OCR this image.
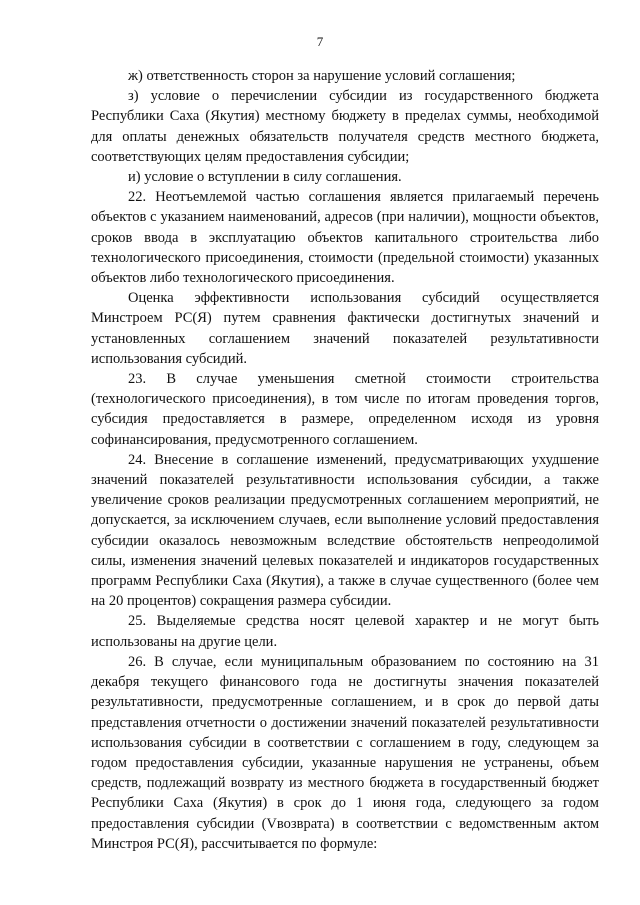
7

ж) ответственность сторон за нарушение условий соглашения;

з) условие о перечислении субсидии из государственного бюджета Республики Саха (Якутия) местному бюджету в пределах суммы, необходимой для оплаты денежных обязательств получателя средств местного бюджета, соответствующих целям предоставления субсидии;

и) условие о вступлении в силу соглашения.

22. Неотъемлемой частью соглашения является прилагаемый перечень объектов с указанием наименований, адресов (при наличии), мощности объектов, сроков ввода в эксплуатацию объектов капитального строительства либо технологического присоединения, стоимости (предельной стоимости) указанных объектов либо технологического присоединения.

Оценка эффективности использования субсидий осуществляется Минстроем РС(Я) путем сравнения фактически достигнутых значений и установленных соглашением значений показателей результативности использования субсидий.

23. В случае уменьшения сметной стоимости строительства (технологического присоединения), в том числе по итогам проведения торгов, субсидия предоставляется в размере, определенном исходя из уровня софинансирования, предусмотренного соглашением.

24. Внесение в соглашение изменений, предусматривающих ухудшение значений показателей результативности использования субсидии, а также увеличение сроков реализации предусмотренных соглашением мероприятий, не допускается, за исключением случаев, если выполнение условий предоставления субсидии оказалось невозможным вследствие обстоятельств непреодолимой силы, изменения значений целевых показателей и индикаторов государственных программ Республики Саха (Якутия), а также в случае существенного (более чем на 20 процентов) сокращения размера субсидии.

25. Выделяемые средства носят целевой характер и не могут быть использованы на другие цели.

26. В случае, если муниципальным образованием по состоянию на 31 декабря текущего финансового года не достигнуты значения показателей результативности, предусмотренные соглашением, и в срок до первой даты представления отчетности о достижении значений показателей результативности использования субсидии в соответствии с соглашением в году, следующем за годом предоставления субсидии, указанные нарушения не устранены, объем средств, подлежащий возврату из местного бюджета в государственный бюджет Республики Саха (Якутия) в срок до 1 июня года, следующего за годом предоставления субсидии (Vвозврата) в соответствии с ведомственным актом Минстроя РС(Я), рассчитывается по формуле:
